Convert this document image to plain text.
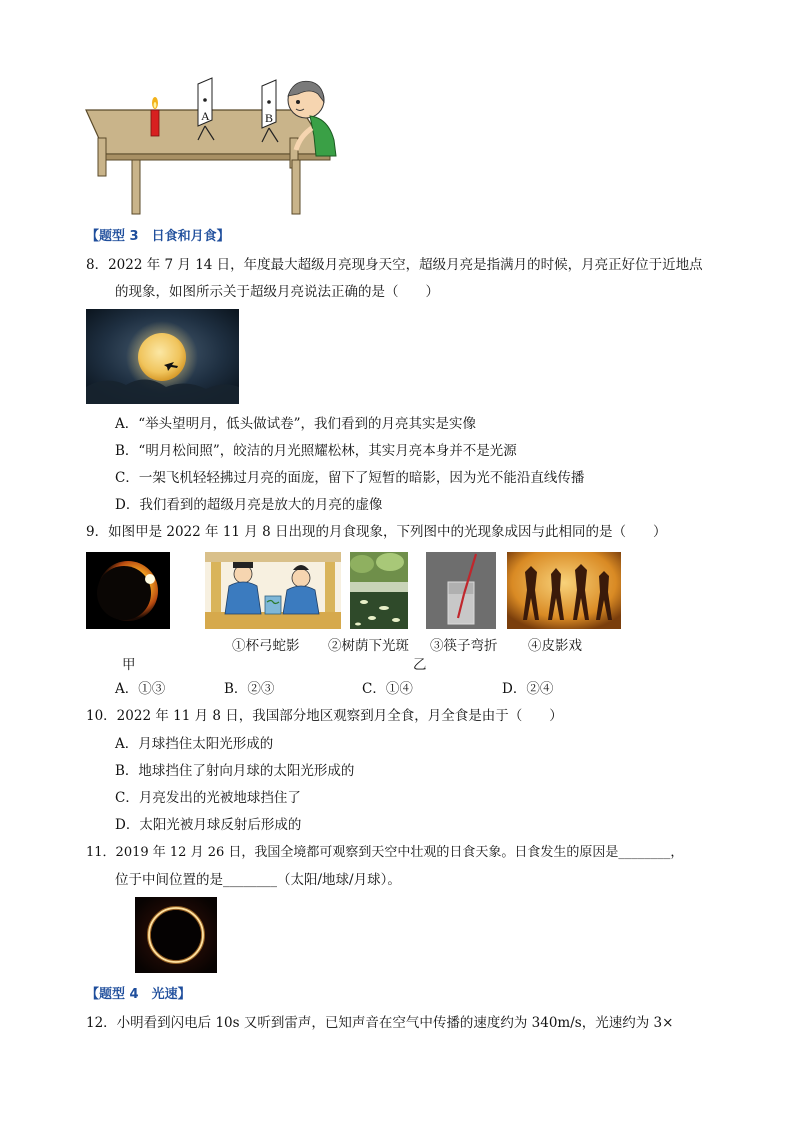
A	B
【题型 3　日食和月食】
8．2022 年 7 月 14 日，年度最大超级月亮现身天空，超级月亮是指满月的时候，月亮正好位于近地点
的现象，如图所示关于超级月亮说法正确的是（　　）
A．“举头望明月，低头做试卷”，我们看到的月亮其实是实像
B．“明月松间照”，皎洁的月光照耀松林，其实月亮本身并不是光源
C．一架飞机轻轻拂过月亮的面庞，留下了短暂的暗影，因为光不能沿直线传播
D．我们看到的超级月亮是放大的月亮的虚像
9．如图甲是 2022 年 11 月 8 日出现的月食现象，下列图中的光现象成因与此相同的是（　　）
①杯弓蛇影 ②树荫下光斑 ③筷子弯折 ④皮影戏
甲	乙
A．①③	B．②③	C．①④	D．②④
10．2022 年 11 月 8 日，我国部分地区观察到月全食，月全食是由于（　　）
A．月球挡住太阳光形成的
B．地球挡住了射向月球的太阳光形成的
C．月亮发出的光被地球挡住了
D．太阳光被月球反射后形成的
11．2019 年 12 月 26 日，我国全境都可观察到天空中壮观的日食天象。日食发生的原因是________，
位于中间位置的是________（太阳/地球/月球）。
【题型 4　光速】
12．小明看到闪电后 10s 又听到雷声，已知声音在空气中传播的速度约为 340m/s，光速约为 3×
